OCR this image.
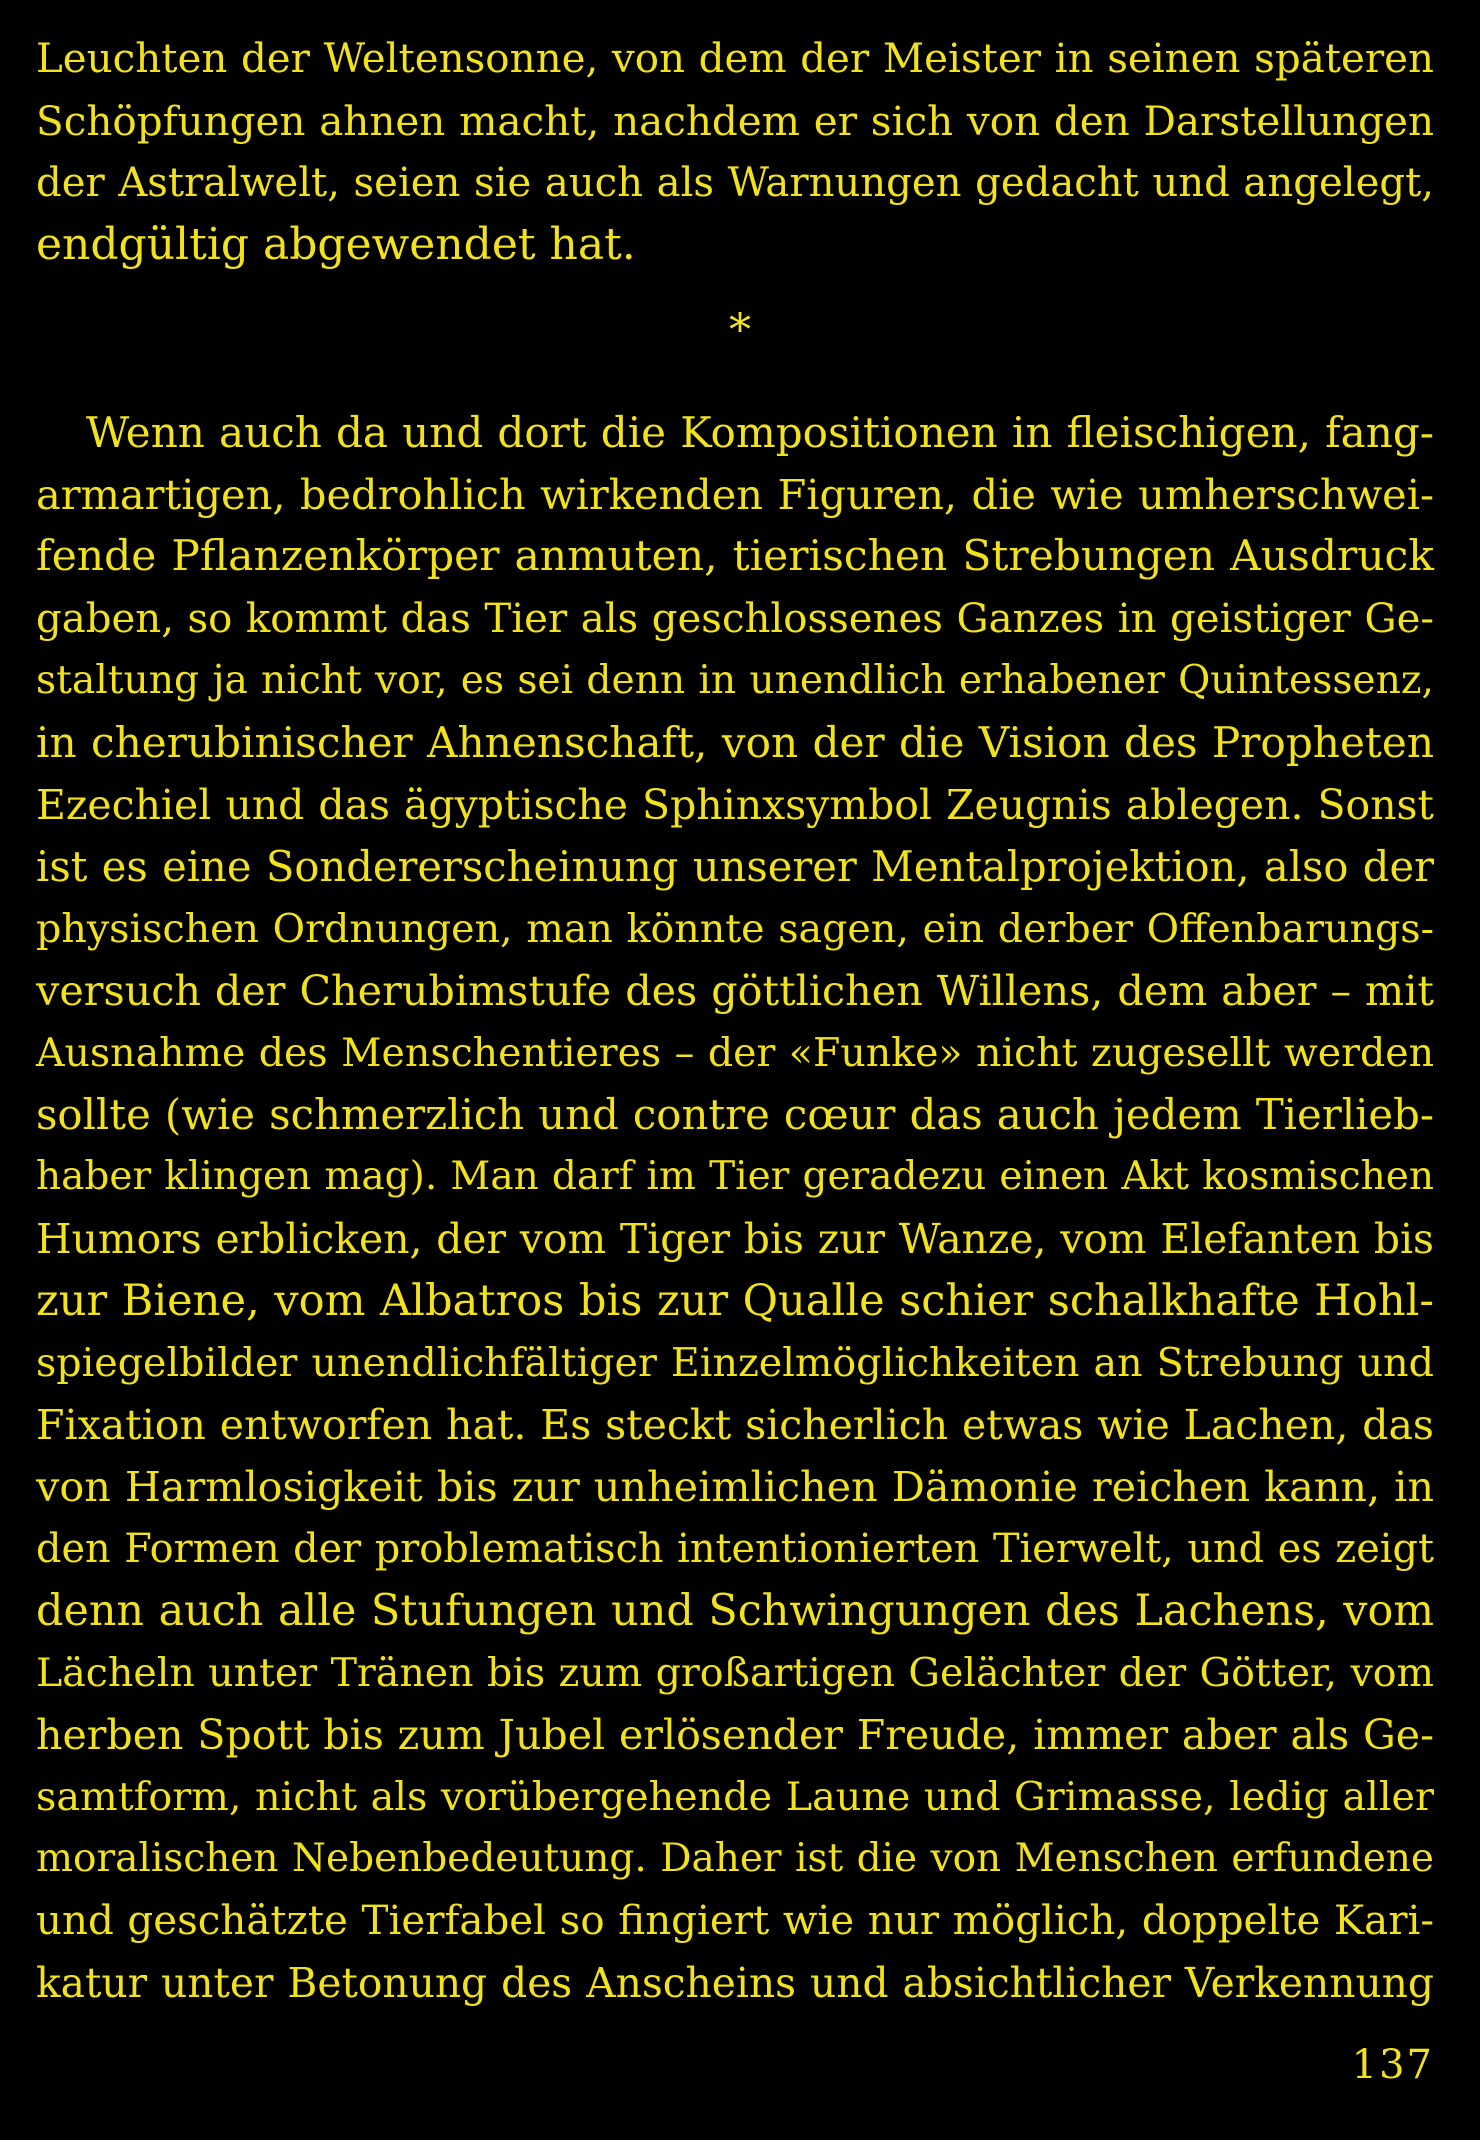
Leuchten der Weltensonne, von dem der Meister in seinen späteren
Schöpfungen ahnen macht, nachdem er sich von den Darstellungen
der Astralwelt, seien sie auch als Warnungen gedacht und angelegt,
endgültig abgewendet hat.
*
Wenn auch da und dort die Kompositionen in fleischigen, fang-
armartigen, bedrohlich wirkenden Figuren, die wie umherschwei-
fende Pflanzenkörper anmuten, tierischen Strebungen Ausdruck
gaben, so kommt das Tier als geschlossenes Ganzes in geistiger Ge-
staltung ja nicht vor, es sei denn in unendlich erhabener Quintessenz,
in cherubinischer Ahnenschaft, von der die Vision des Propheten
Ezechiel und das ägyptische Sphinxsymbol Zeugnis ablegen. Sonst
ist es eine Sondererscheinung unserer Mentalprojektion, also der
physischen Ordnungen, man könnte sagen, ein derber Offenbarungs-
versuch der Cherubimstufe des göttlichen Willens, dem aber – mit
Ausnahme des Menschentieres – der «Funke» nicht zugesellt werden
sollte (wie schmerzlich und contre cœur das auch jedem Tierlieb-
haber klingen mag). Man darf im Tier geradezu einen Akt kosmischen
Humors erblicken, der vom Tiger bis zur Wanze, vom Elefanten bis
zur Biene, vom Albatros bis zur Qualle schier schalkhafte Hohl-
spiegelbilder unendlichfältiger Einzelmöglichkeiten an Strebung und
Fixation entworfen hat. Es steckt sicherlich etwas wie Lachen, das
von Harmlosigkeit bis zur unheimlichen Dämonie reichen kann, in
den Formen der problematisch intentionierten Tierwelt, und es zeigt
denn auch alle Stufungen und Schwingungen des Lachens, vom
Lächeln unter Tränen bis zum großartigen Gelächter der Götter, vom
herben Spott bis zum Jubel erlösender Freude, immer aber als Ge-
samtform, nicht als vorübergehende Laune und Grimasse, ledig aller
moralischen Nebenbedeutung. Daher ist die von Menschen erfundene
und geschätzte Tierfabel so fingiert wie nur möglich, doppelte Kari-
katur unter Betonung des Anscheins und absichtlicher Verkennung
137
